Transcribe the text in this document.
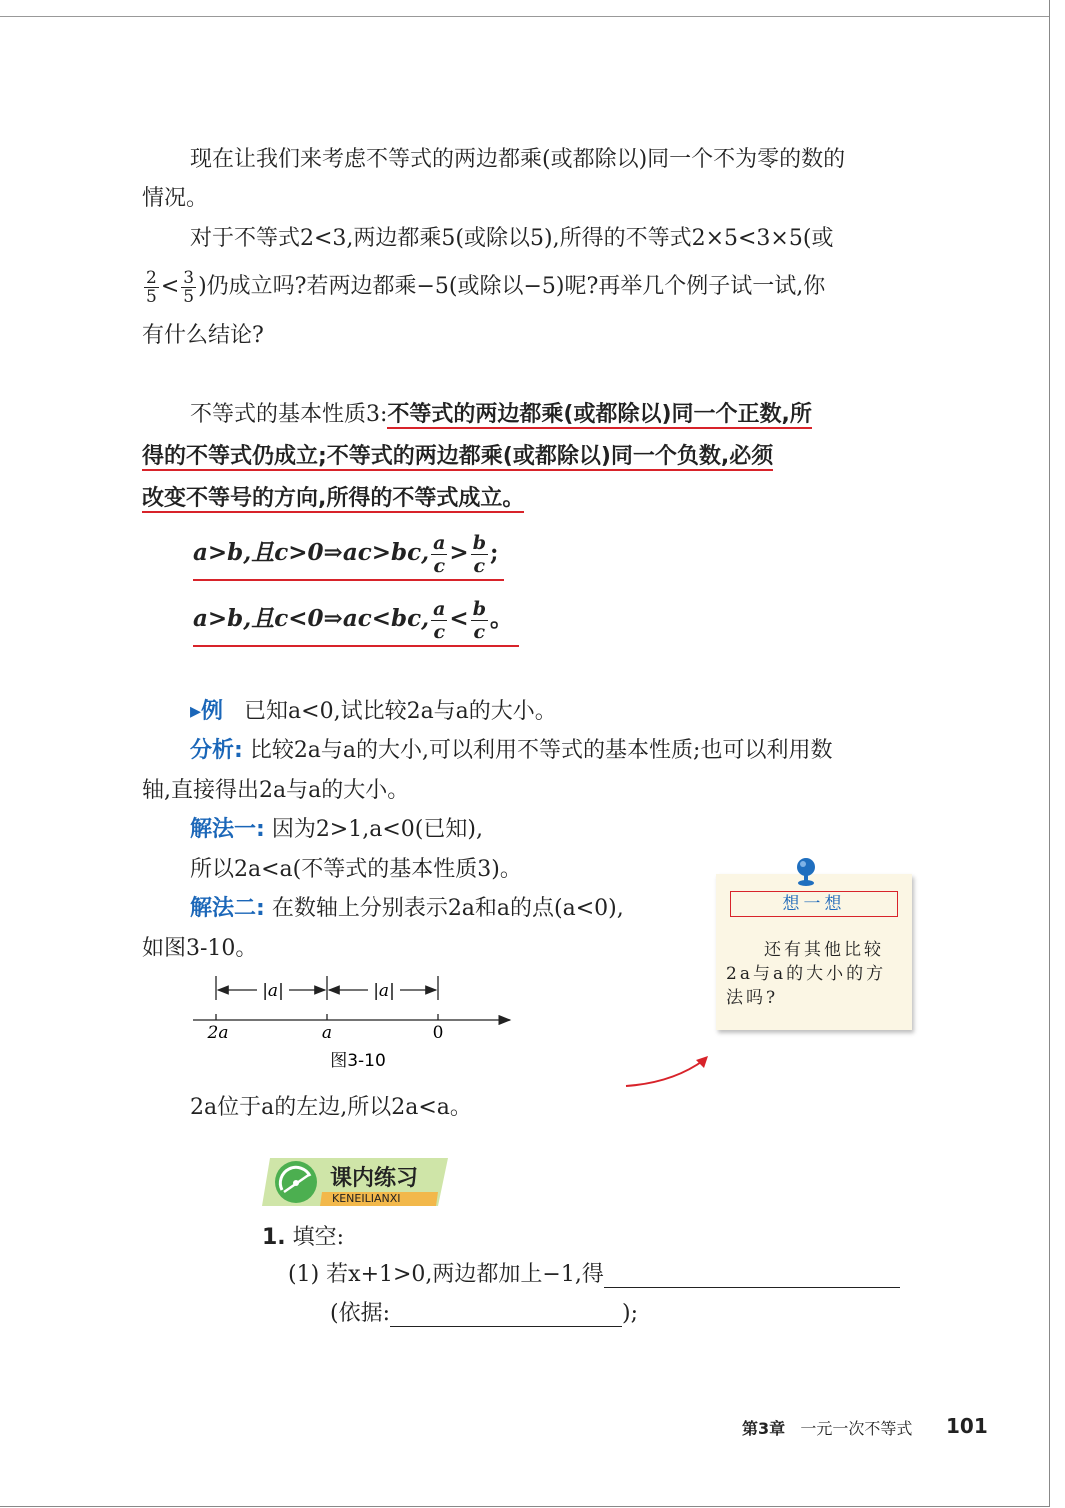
现在让我们来考虑不等式的两边都乘(或都除以)同一个不为零的数的
情况。
对于不等式2<3,两边都乘5(或除以5),所得的不等式2×5<3×5(或
$\frac{2}{5} < \frac{3}{5}$ )仍成立吗?若两边都乘−5(或除以−5)呢?再举几个例子试一试,你
有什么结论?
不等式的基本性质3:不等式的两边都乘(或都除以)同一个正数,所
得的不等式仍成立;不等式的两边都乘(或都除以)同一个负数,必须
改变不等号的方向,所得的不等式成立。
a>b,且c>0⇒ac>bc, $\frac{a}{c} > \frac{b}{c}$ ;
a>b,且c<0⇒ac<bc, $\frac{a}{c} < \frac{b}{c}$ 。
▸例 已知a<0,试比较2a与a的大小。
分析: 比较2a与a的大小,可以利用不等式的基本性质;也可以利用数
轴,直接得出2a与a的大小。
解法一: 因为2>1,a<0(已知),
所以2a<a(不等式的基本性质3)。
解法二: 在数轴上分别表示2a和a的点(a<0),
如图3-10。
|a|	|a|
2a	a	0
图3-10
2a位于a的左边,所以2a<a。
想一想
还有其他比较2a与a的大小的方法吗?
课内练习
KENEILIANXI
1. 填空:
(1) 若x+1>0,两边都加上−1,得
(依据:	);
第3章 一元一次不等式 101
